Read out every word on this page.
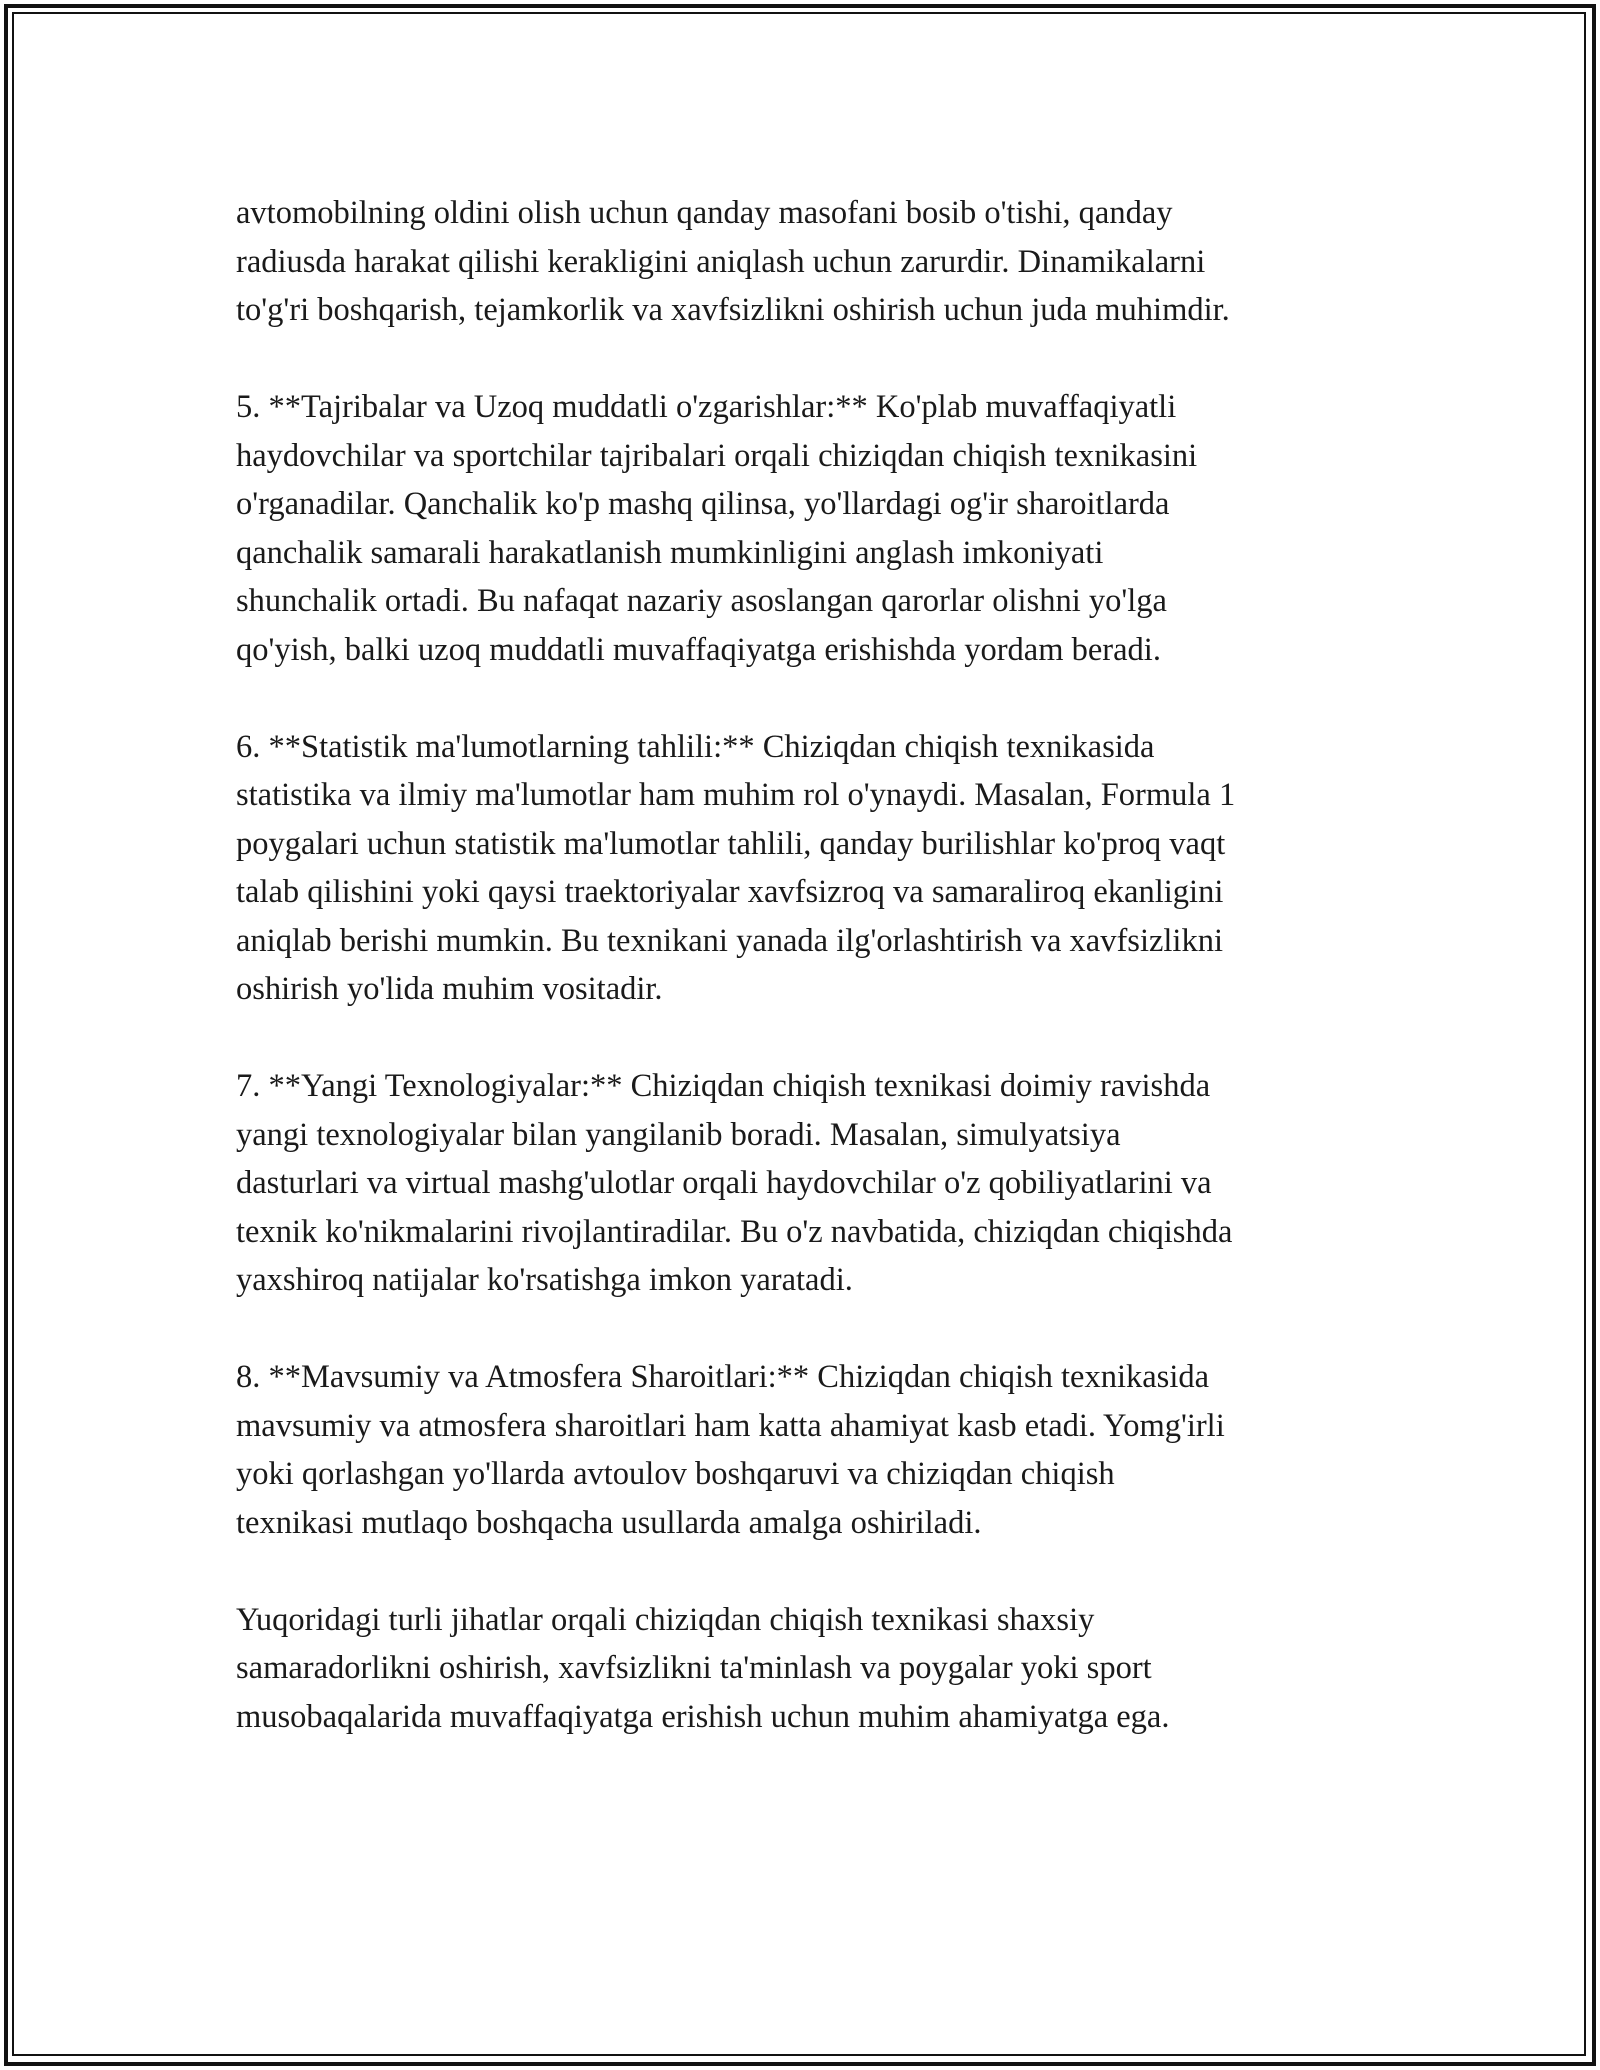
avtomobilning oldini olish uchun qanday masofani bosib o'tishi, qanday
radiusda harakat qilishi kerakligini aniqlash uchun zarurdir. Dinamikalarni
to'g'ri boshqarish, tejamkorlik va xavfsizlikni oshirish uchun juda muhimdir.

5. **Tajribalar va Uzoq muddatli o'zgarishlar:** Ko'plab muvaffaqiyatli
haydovchilar va sportchilar tajribalari orqali chiziqdan chiqish texnikasini
o'rganadilar. Qanchalik ko'p mashq qilinsa, yo'llardagi og'ir sharoitlarda
qanchalik samarali harakatlanish mumkinligini anglash imkoniyati
shunchalik ortadi. Bu nafaqat nazariy asoslangan qarorlar olishni yo'lga
qo'yish, balki uzoq muddatli muvaffaqiyatga erishishda yordam beradi.

6. **Statistik ma'lumotlarning tahlili:** Chiziqdan chiqish texnikasida
statistika va ilmiy ma'lumotlar ham muhim rol o'ynaydi. Masalan, Formula 1
poygalari uchun statistik ma'lumotlar tahlili, qanday burilishlar ko'proq vaqt
talab qilishini yoki qaysi traektoriyalar xavfsizroq va samaraliroq ekanligini
aniqlab berishi mumkin. Bu texnikani yanada ilg'orlashtirish va xavfsizlikni
oshirish yo'lida muhim vositadir.

7. **Yangi Texnologiyalar:** Chiziqdan chiqish texnikasi doimiy ravishda
yangi texnologiyalar bilan yangilanib boradi. Masalan, simulyatsiya
dasturlari va virtual mashg'ulotlar orqali haydovchilar o'z qobiliyatlarini va
texnik ko'nikmalarini rivojlantiradilar. Bu o'z navbatida, chiziqdan chiqishda
yaxshiroq natijalar ko'rsatishga imkon yaratadi.

8. **Mavsumiy va Atmosfera Sharoitlari:** Chiziqdan chiqish texnikasida
mavsumiy va atmosfera sharoitlari ham katta ahamiyat kasb etadi. Yomg'irli
yoki qorlashgan yo'llarda avtoulov boshqaruvi va chiziqdan chiqish
texnikasi mutlaqo boshqacha usullarda amalga oshiriladi.

Yuqoridagi turli jihatlar orqali chiziqdan chiqish texnikasi shaxsiy
samaradorlikni oshirish, xavfsizlikni ta'minlash va poygalar yoki sport
musobaqalarida muvaffaqiyatga erishish uchun muhim ahamiyatga ega.
